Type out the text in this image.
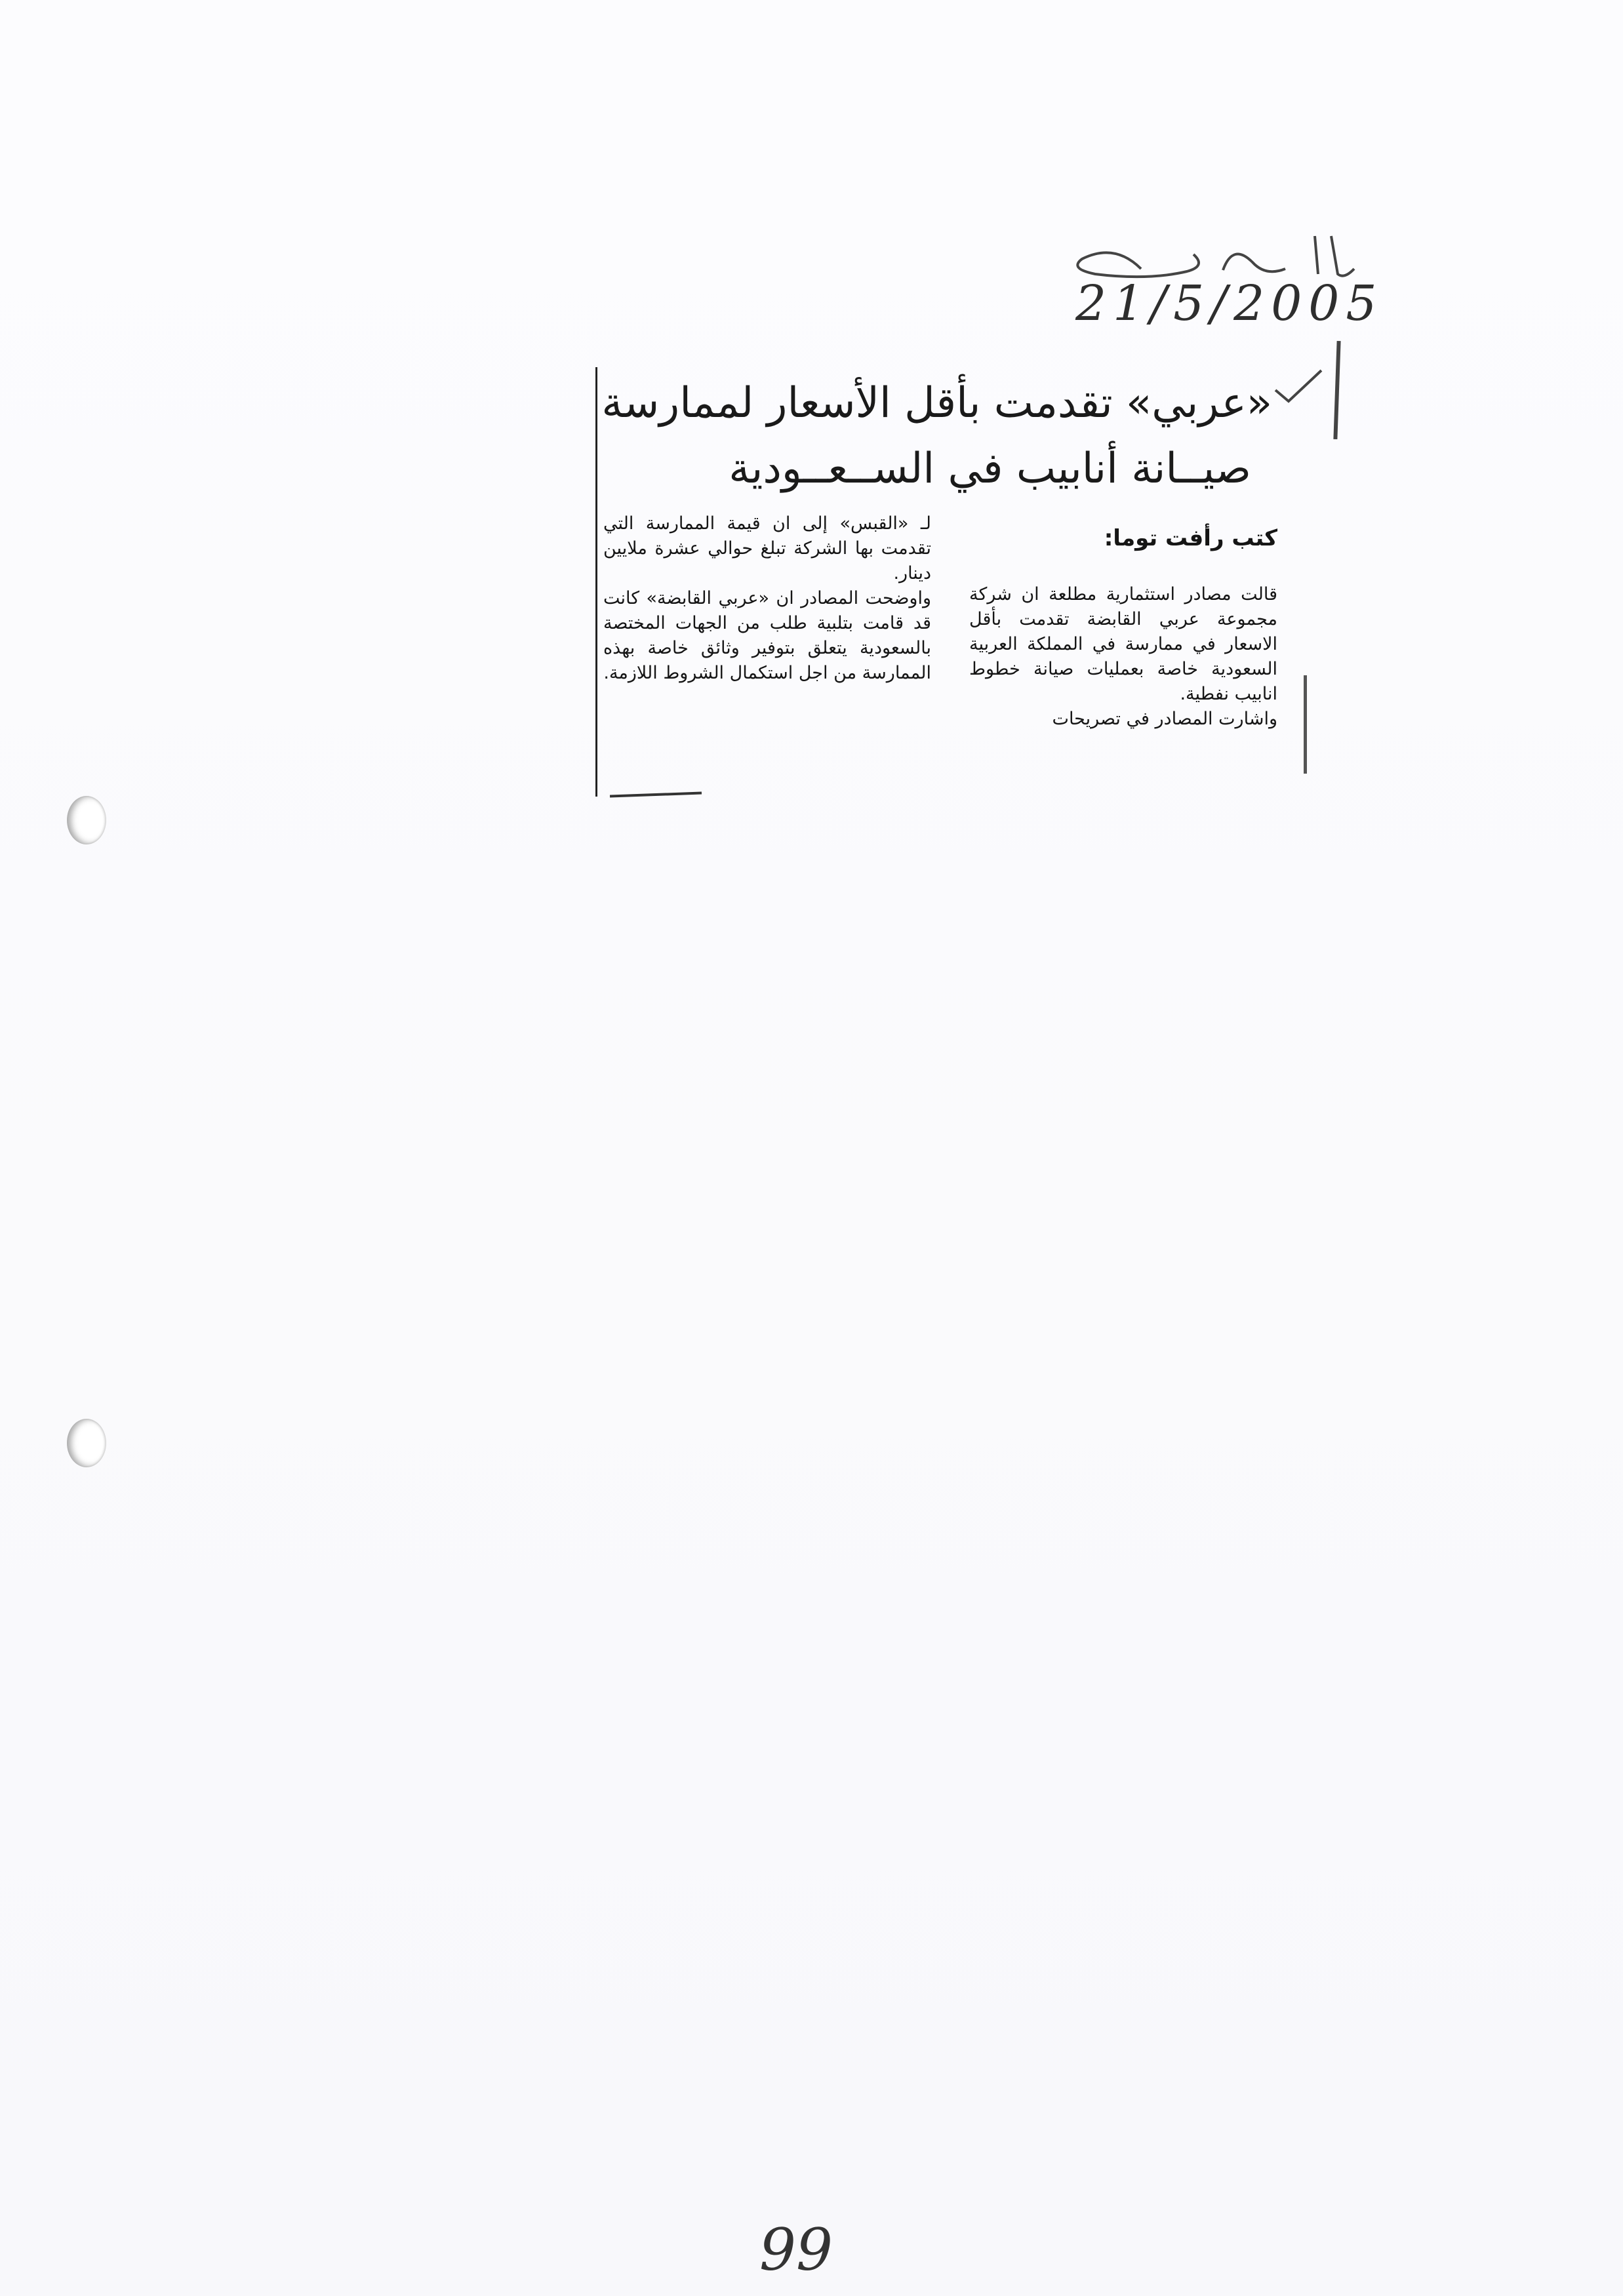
21/5/2005
«عربي» تقدمت بأقل الأسعار لممارسة
صيــانة أنابيب في الســعــودية
كتب رأفت توما:
قالت مصادر استثمارية مطلعة ان شركة مجموعة عربي القابضة تقدمت بأقل الاسعار في ممارسة في المملكة العربية السعودية خاصة بعمليات صيانة خطوط انابيب نفطية.
واشارت المصادر في تصريحات
لـ «القبس» إلى ان قيمة الممارسة التي تقدمت بها الشركة تبلغ حوالي عشرة ملايين دينار.
واوضحت المصادر ان «عربي القابضة» كانت قد قامت بتلبية طلب من الجهات المختصة بالسعودية يتعلق بتوفير وثائق خاصة بهذه الممارسة من اجل استكمال الشروط اللازمة.
99
